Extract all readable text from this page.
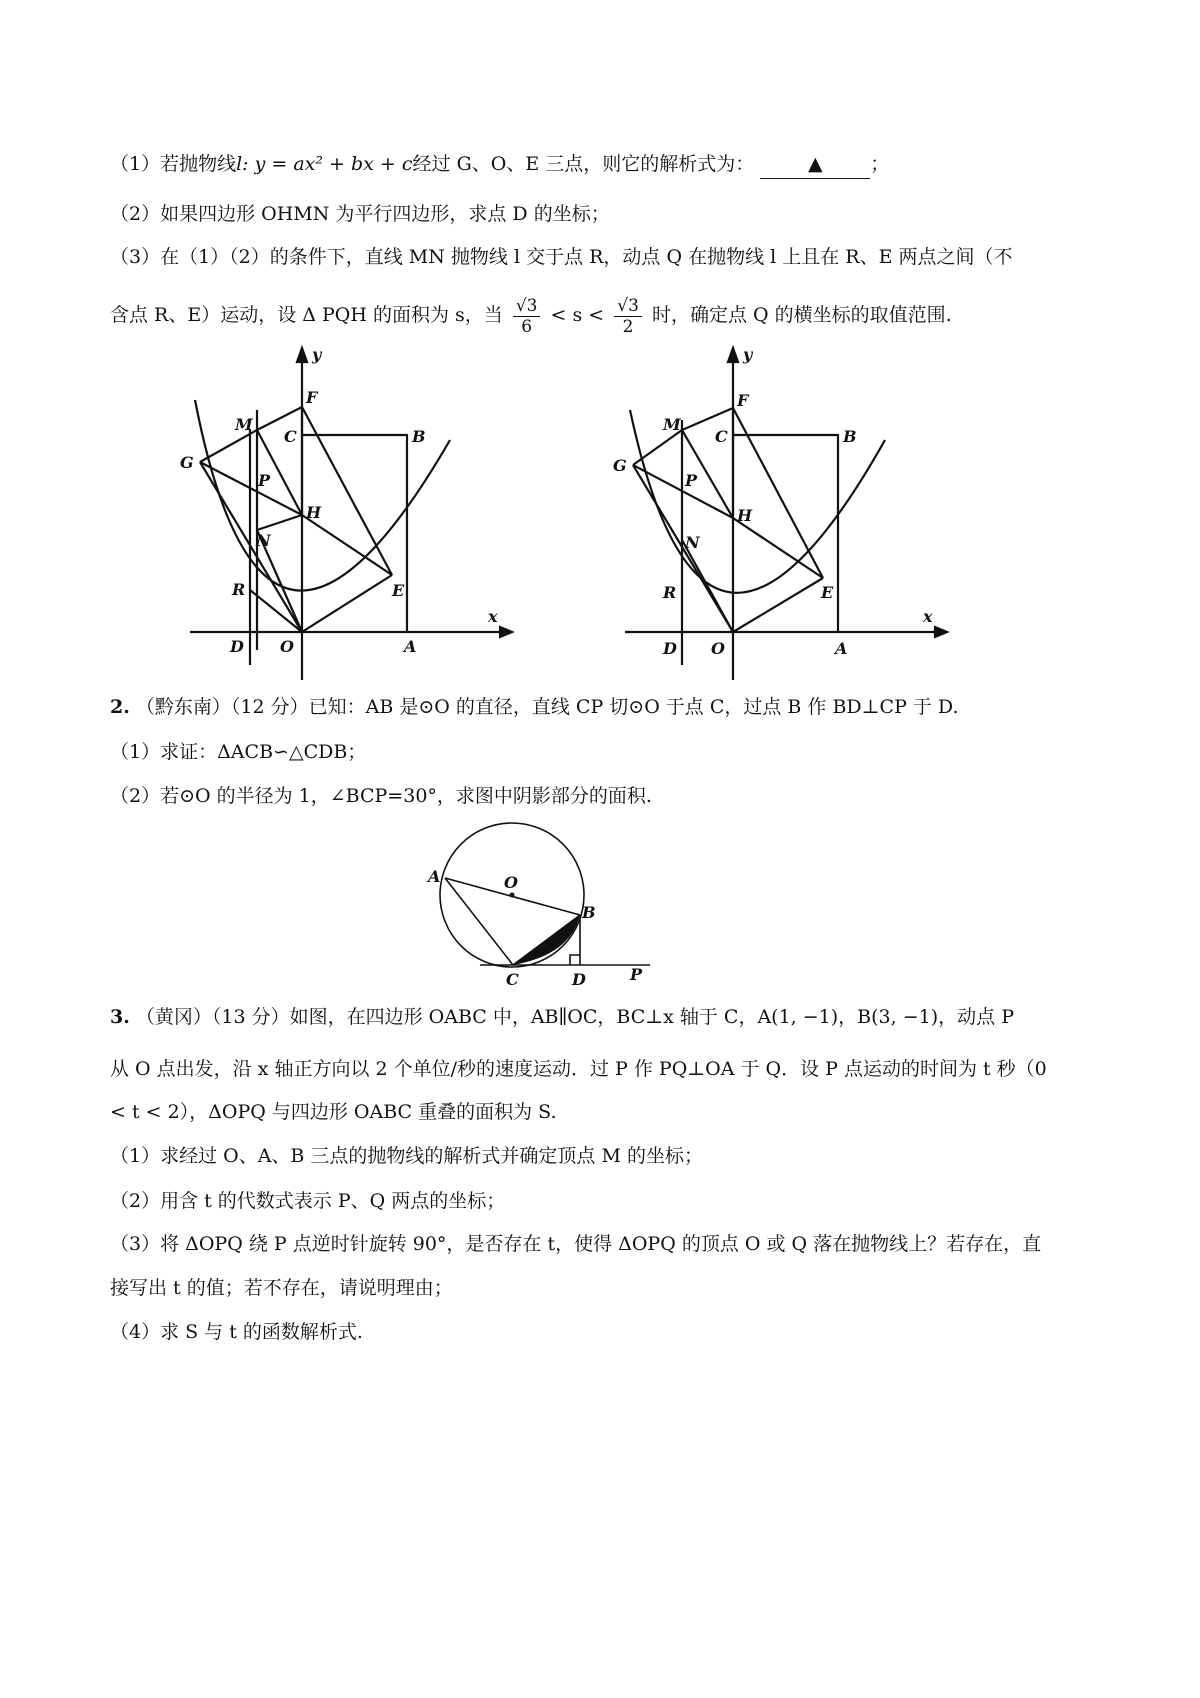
（1）若抛物线l: y = ax² + bx + c经过 G、O、E 三点，则它的解析式为：	▲	；
（2）如果四边形 OHMN 为平行四边形，求点 D 的坐标；
（3）在（1）（2）的条件下，直线 MN 抛物线 l 交于点 R，动点 Q 在抛物线 l 上且在 R、E 两点之间（不
含点 R、E）运动，设 Δ PQH 的面积为 s，当 $\frac{√3}{6} < s < \frac{√3}{2}$ 时，确定点 Q 的横坐标的取值范围.
y
x
F
M
C	B
G
P
H
N
R	E
D O	A
y
x
F
M
C	B
G
P
H
N
R	E
D O	A
2. （黔东南）（12 分）已知：AB 是⊙O 的直径，直线 CP 切⊙O 于点 C，过点 B 作 BD⊥CP 于 D.
（1）求证：ΔACB∽△CDB；
（2）若⊙O 的半径为 1，∠BCP=30°，求图中阴影部分的面积.
A	O
B
C	D	P
3. （黄冈）（13 分）如图，在四边形 OABC 中，AB∥OC，BC⊥x 轴于 C，A(1, −1)，B(3, −1)，动点 P
从 O 点出发，沿 x 轴正方向以 2 个单位/秒的速度运动．过 P 作 PQ⊥OA 于 Q．设 P 点运动的时间为 t 秒（0
< t < 2），ΔOPQ 与四边形 OABC 重叠的面积为 S.
（1）求经过 O、A、B 三点的抛物线的解析式并确定顶点 M 的坐标；
（2）用含 t 的代数式表示 P、Q 两点的坐标；
（3）将 ΔOPQ 绕 P 点逆时针旋转 90°，是否存在 t，使得 ΔOPQ 的顶点 O 或 Q 落在抛物线上？若存在，直
接写出 t 的值；若不存在，请说明理由；
（4）求 S 与 t 的函数解析式.
